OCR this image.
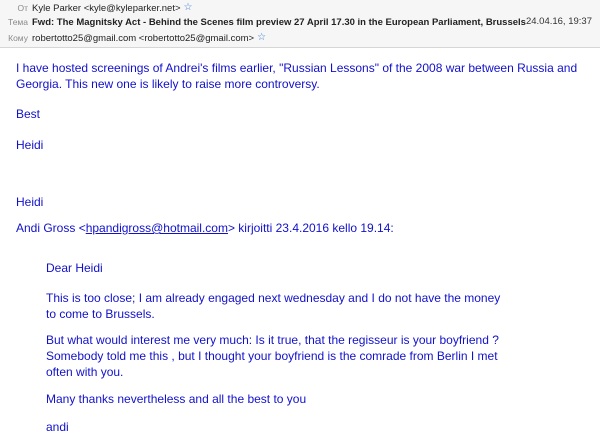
От Kyle Parker <kyle@kyleparker.net> ☆
Тема Fwd: The Magnitsky Act - Behind the Scenes film preview 27 April 17.30 in the European Parliament, Brussels 24.04.16, 19:37
Кому robertotto25@gmail.com <robertotto25@gmail.com> ☆

I have hosted screenings of Andrei's films earlier, "Russian Lessons" of the 2008 war between Russia and

Georgia. This new one is likely to raise more controversy.

Best

Heidi

Heidi

Andi Gross <hpandigross@hotmail.com> kirjoitti 23.4.2016 kello 19.14:

Dear Heidi

This is too close; I am already engaged next wednesday and I do not have the money

to come to Brussels.

But what would interest me very much: Is it true, that the regisseur is your boyfriend ?

Somebody told me this , but I thought your boyfriend is the comrade from Berlin I met

often with you.

Many thanks nevertheless and all the best to you

andi
